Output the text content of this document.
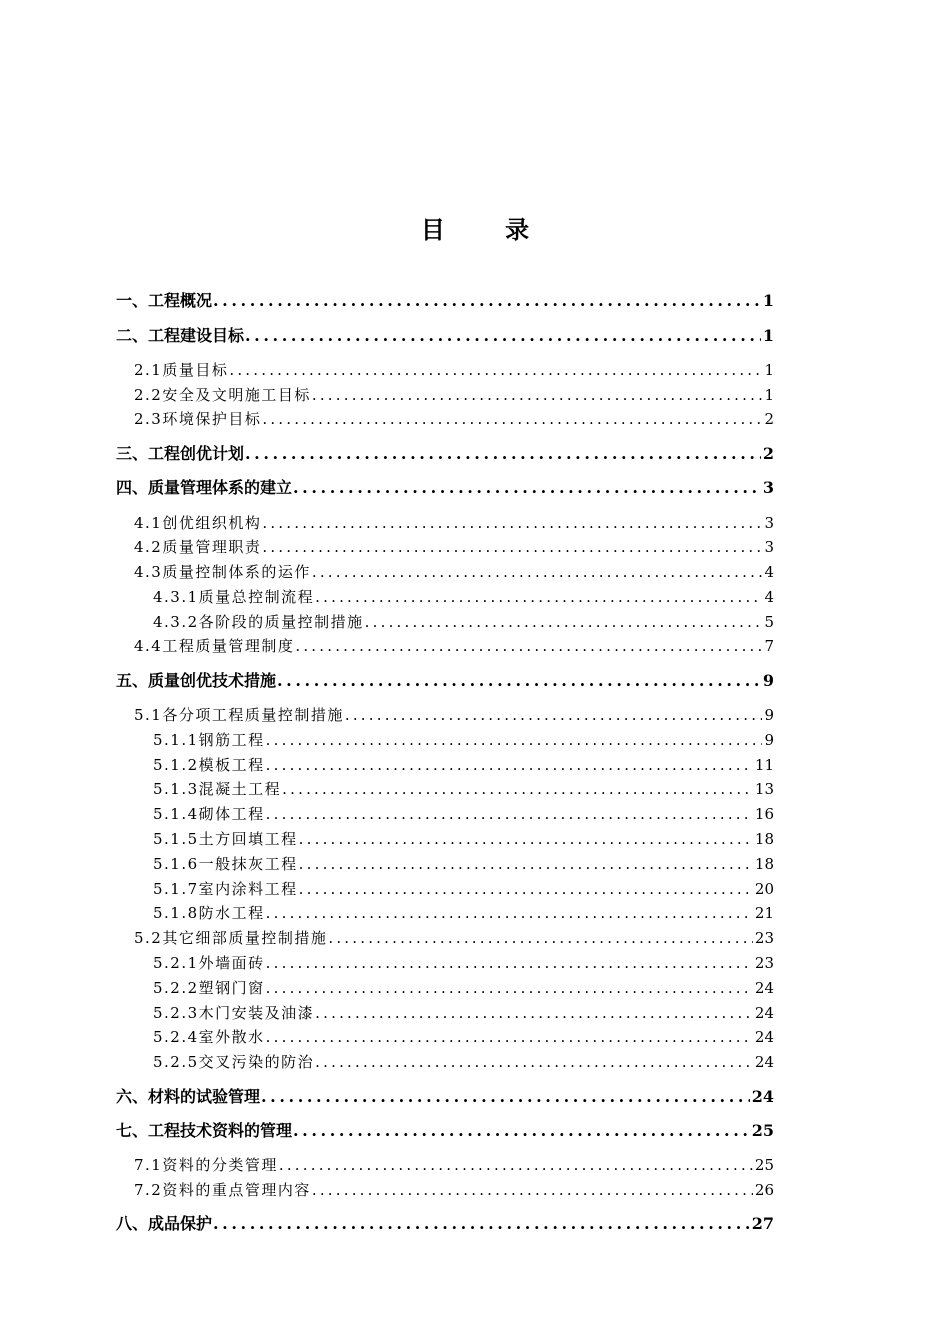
目 录
一、工程概况 .....	1
二、工程建设目标 .....	1
2.1质量目标 .....	1
2.2安全及文明施工目标 .....	1
2.3环境保护目标 .....	2
三、工程创优计划 .....	2
四、质量管理体系的建立 .....	3
4.1创优组织机构 .....	3
4.2质量管理职责 .....	3
4.3质量控制体系的运作 .....	4
4.3.1质量总控制流程 .....	4
4.3.2各阶段的质量控制措施 .....	5
4.4工程质量管理制度 .....	7
五、质量创优技术措施 .....	9
5.1各分项工程质量控制措施 .....	9
5.1.1钢筋工程 .....	9
5.1.2模板工程 .....	11
5.1.3混凝土工程 .....	13
5.1.4砌体工程 .....	16
5.1.5土方回填工程 .....	18
5.1.6一般抹灰工程 .....	18
5.1.7室内涂料工程 .....	20
5.1.8防水工程 .....	21
5.2其它细部质量控制措施 .....	23
5.2.1外墙面砖 .....	23
5.2.2塑钢门窗 .....	24
5.2.3木门安装及油漆 .....	24
5.2.4室外散水 .....	24
5.2.5交叉污染的防治 .....	24
六、材料的试验管理 .....	24
七、工程技术资料的管理 .....	25
7.1资料的分类管理 .....	25
7.2资料的重点管理内容 .....	26
八、成品保护 .....	27
